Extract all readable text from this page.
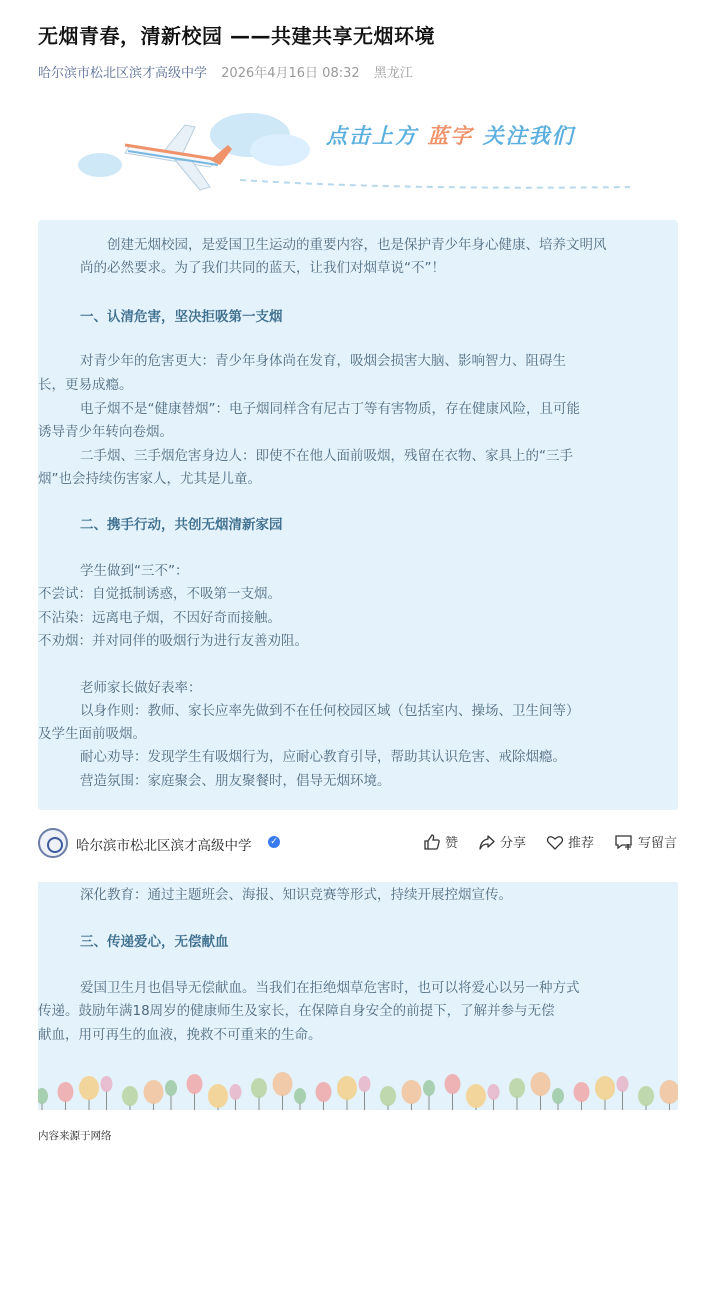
无烟青春，清新校园 ——共建共享无烟环境
哈尔滨市松北区滨才高级中学 2026年4月16日 08:32 黑龙江
点击上方 蓝字 关注我们
创建无烟校园，是爱国卫生运动的重要内容，也是保护青少年身心健康、培养文明风
尚的必然要求。为了我们共同的蓝天，让我们对烟草说“不”！
一、认清危害，坚决拒吸第一支烟
对青少年的危害更大：青少年身体尚在发育，吸烟会损害大脑、影响智力、阻碍生
长，更易成瘾。
电子烟不是“健康替烟”：电子烟同样含有尼古丁等有害物质，存在健康风险，且可能
诱导青少年转向卷烟。
二手烟、三手烟危害身边人：即使不在他人面前吸烟，残留在衣物、家具上的“三手
烟”也会持续伤害家人，尤其是儿童。
二、携手行动，共创无烟清新家园
学生做到“三不”：
不尝试：自觉抵制诱惑，不吸第一支烟。
不沾染：远离电子烟，不因好奇而接触。
不劝烟：并对同伴的吸烟行为进行友善劝阻。
老师家长做好表率：
以身作则：教师、家长应率先做到不在任何校园区域（包括室内、操场、卫生间等）
及学生面前吸烟。
耐心劝导：发现学生有吸烟行为，应耐心教育引导，帮助其认识危害、戒除烟瘾。
营造氛围：家庭聚会、朋友聚餐时，倡导无烟环境。
哈尔滨市松北区滨才高级中学 ✓	赞	分享	推荐	写留言
深化教育：通过主题班会、海报、知识竞赛等形式，持续开展控烟宣传。
三、传递爱心，无偿献血
爱国卫生月也倡导无偿献血。当我们在拒绝烟草危害时，也可以将爱心以另一种方式
传递。鼓励年满18周岁的健康师生及家长，在保障自身安全的前提下，了解并参与无偿
献血，用可再生的血液，挽救不可重来的生命。
内容来源于网络
